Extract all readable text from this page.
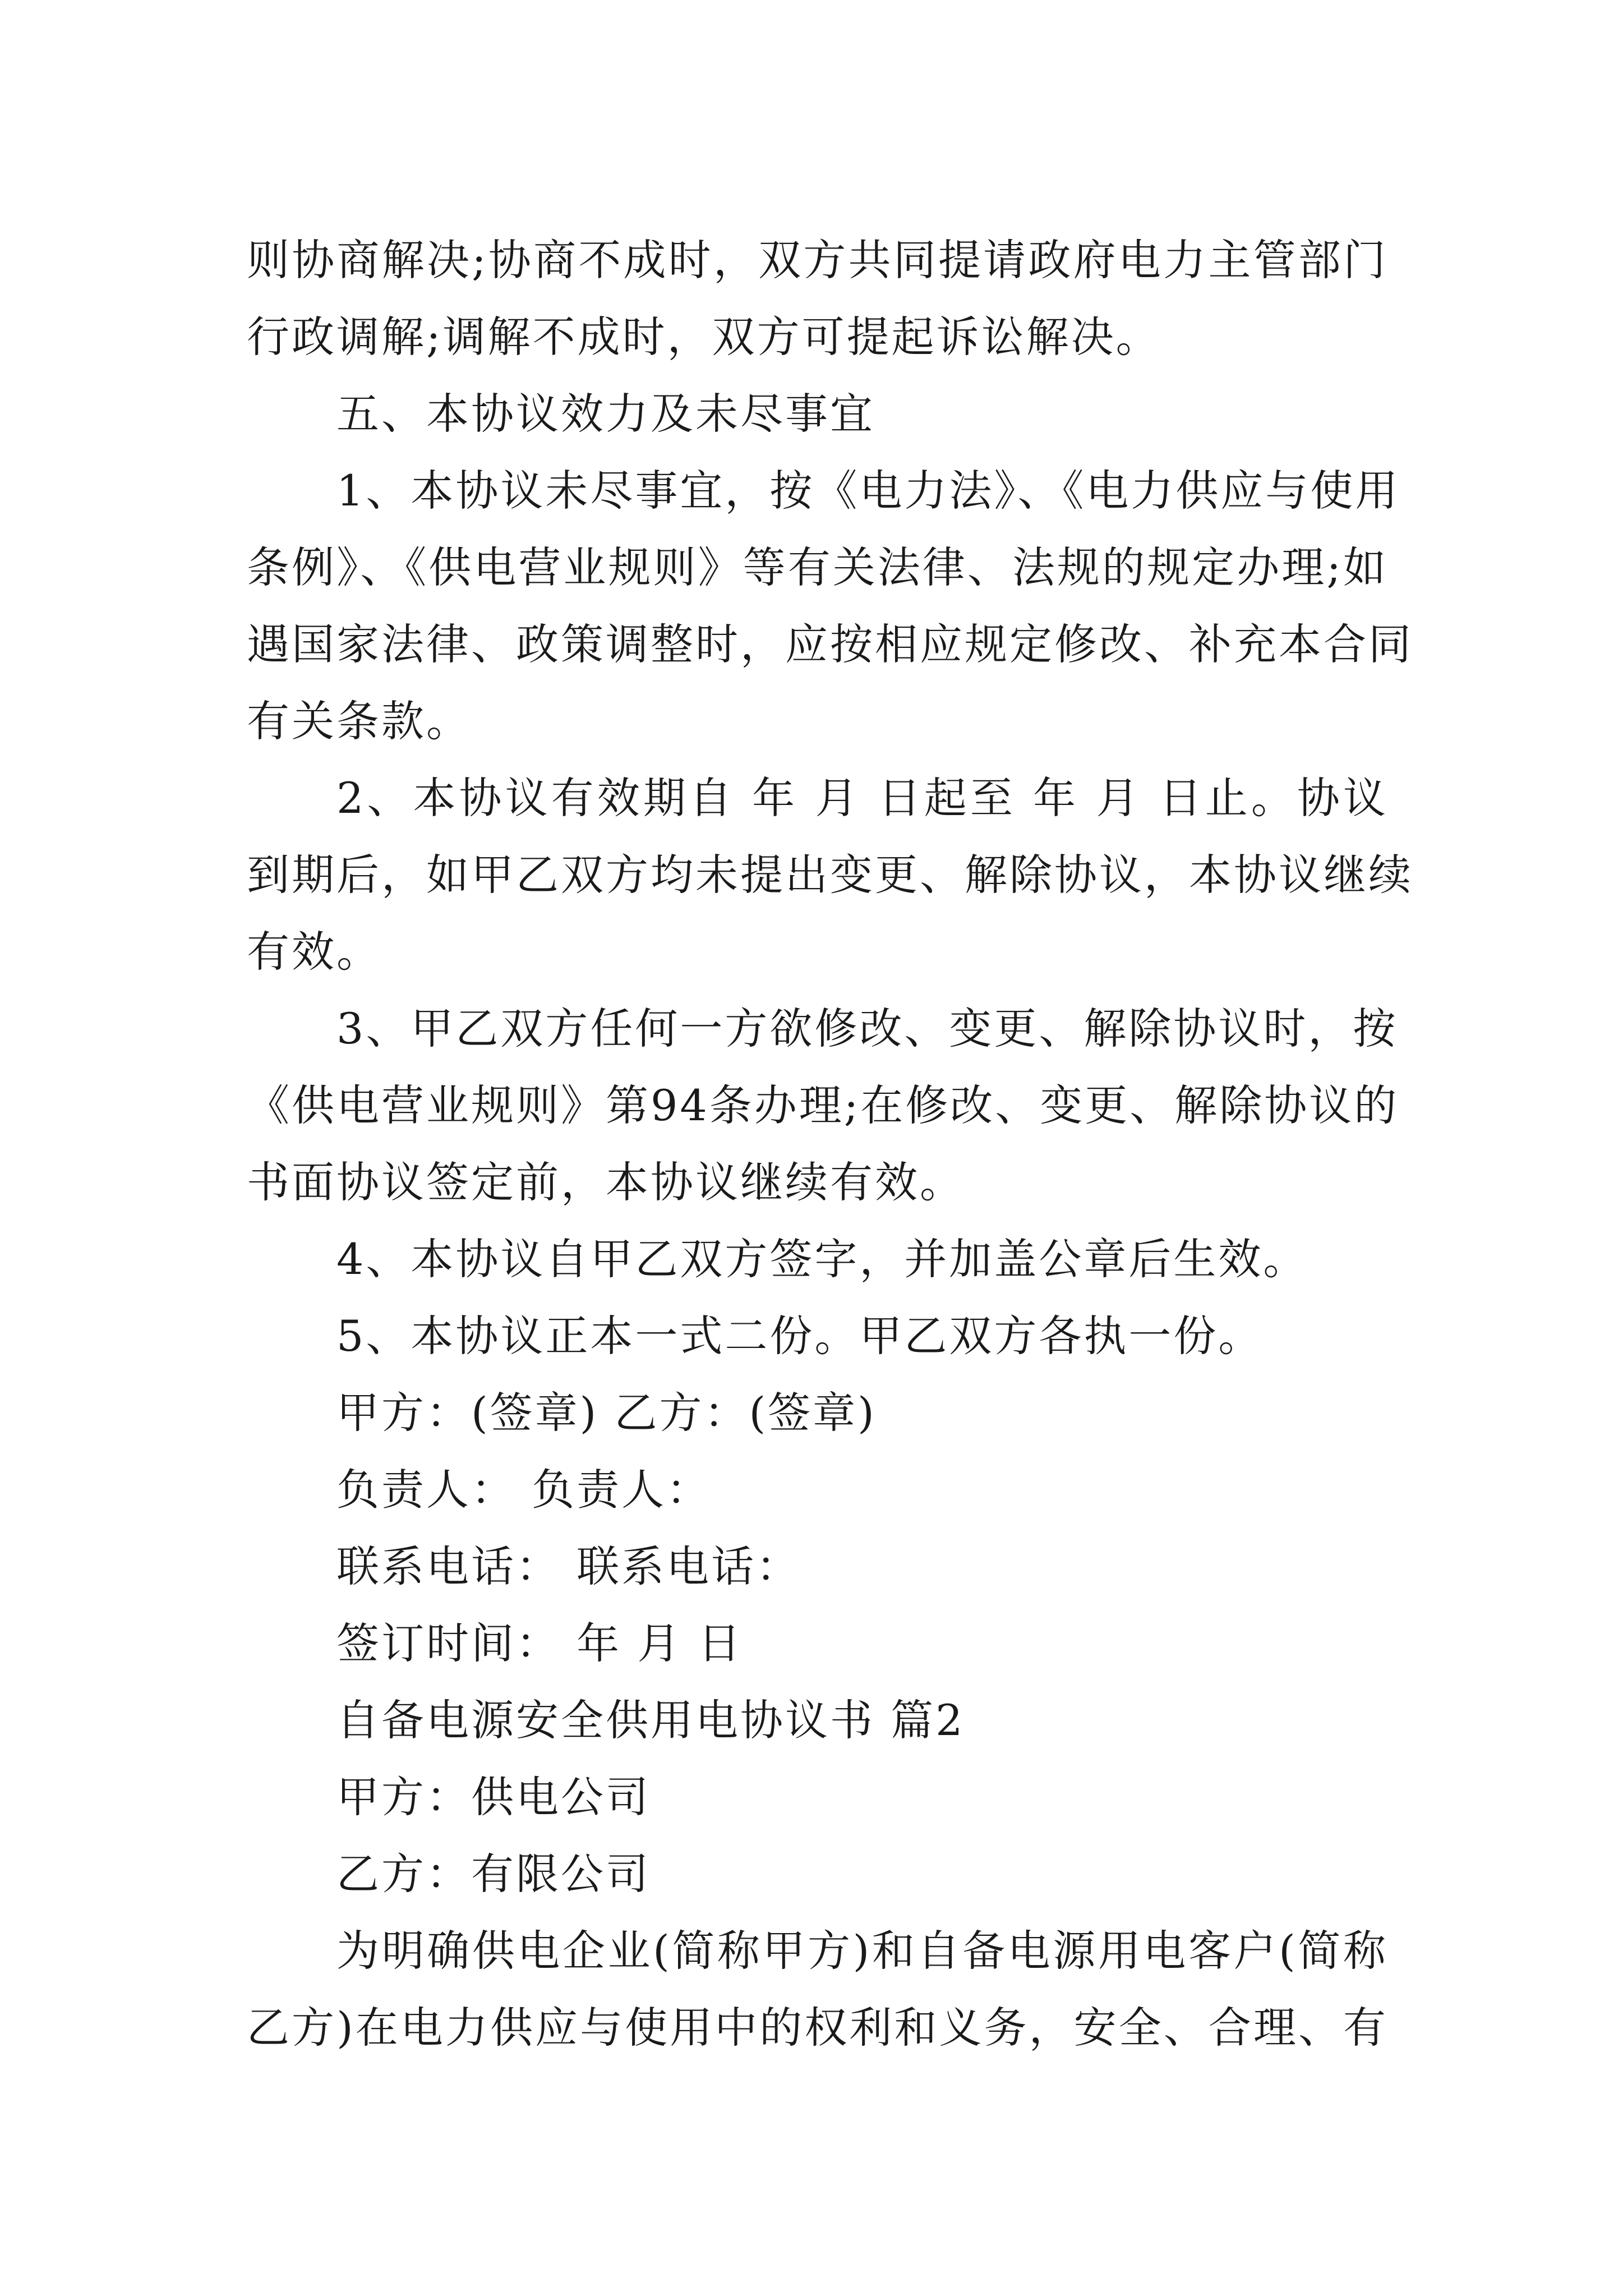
则协商解决;协商不成时，双方共同提请政府电力主管部门
行政调解;调解不成时，双方可提起诉讼解决。
五、本协议效力及未尽事宜
1、本协议未尽事宜，按《电力法》、《电力供应与使用
条例》、《供电营业规则》等有关法律、法规的规定办理;如
遇国家法律、政策调整时，应按相应规定修改、补充本合同
有关条款。
2、本协议有效期自 年 月 日起至 年 月 日止。协议
到期后，如甲乙双方均未提出变更、解除协议，本协议继续
有效。
3、甲乙双方任何一方欲修改、变更、解除协议时，按
《供电营业规则》第94条办理;在修改、变更、解除协议的
书面协议签定前，本协议继续有效。
4、本协议自甲乙双方签字，并加盖公章后生效。
5、本协议正本一式二份。甲乙双方各执一份。
甲方：(签章) 乙方：(签章)
负责人： 负责人：
联系电话： 联系电话：
签订时间： 年 月 日
自备电源安全供用电协议书 篇2
甲方：供电公司
乙方：有限公司
为明确供电企业(简称甲方)和自备电源用电客户(简称
乙方)在电力供应与使用中的权利和义务，安全、合理、有
